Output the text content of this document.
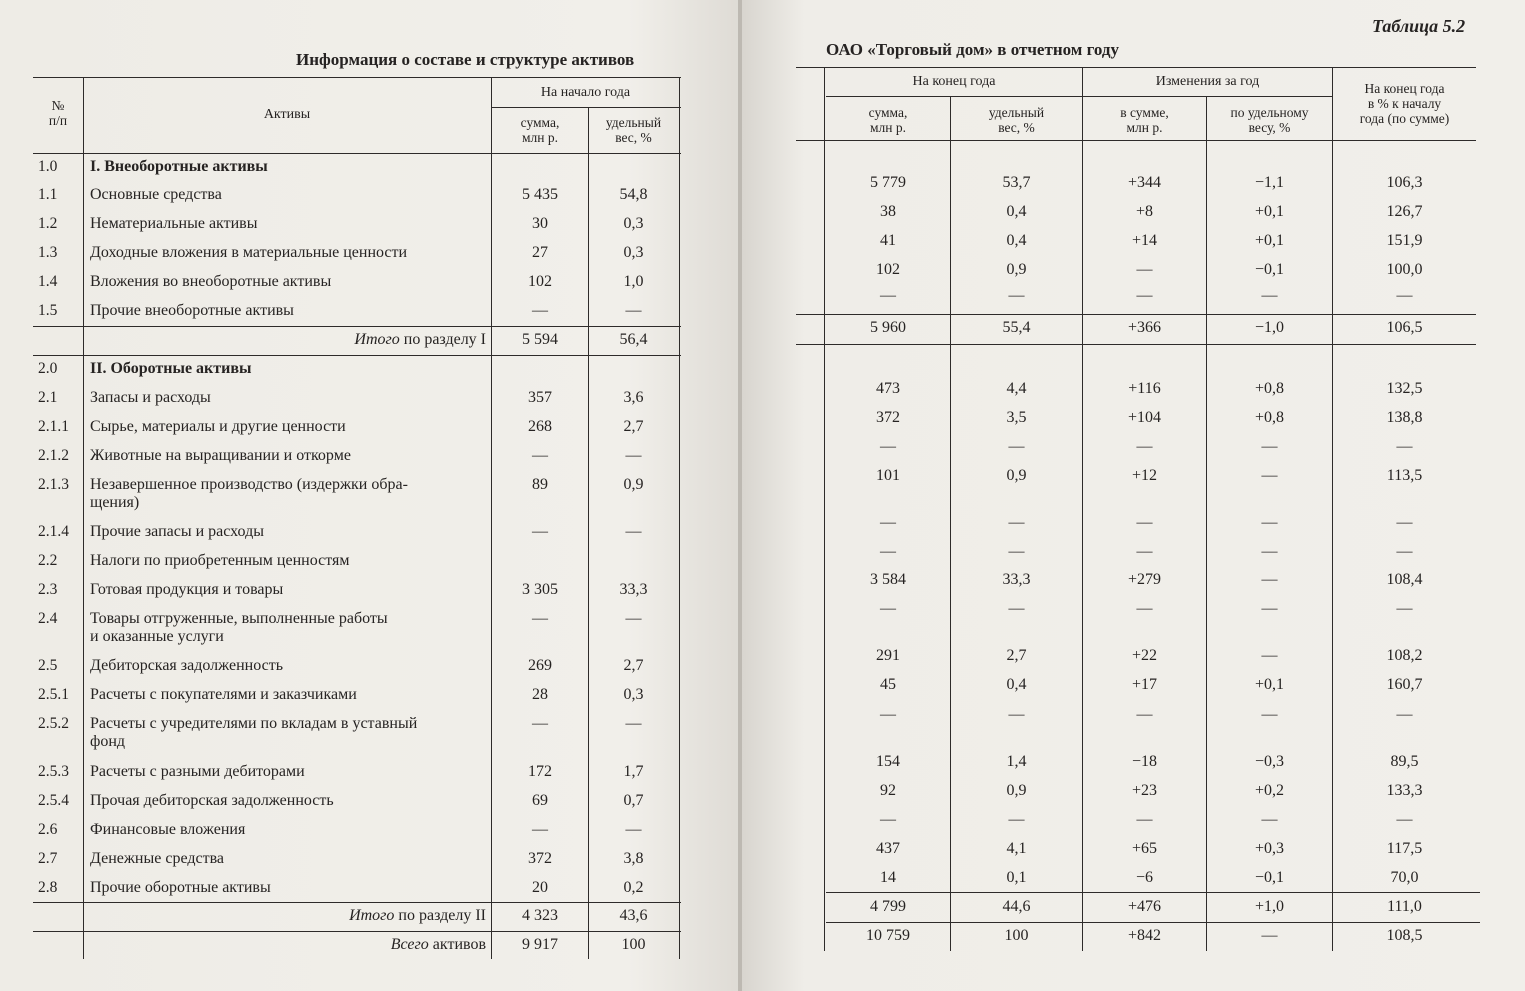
Информация о составе и структуре активов
ОАО «Торговый дом» в отчетном году
Таблица 5.2
№
п/п	Активы
На начало года
сумма,
млн р.
удельный
вес, %
На конец года	Изменения за год	На конец года
в % к началу
года (по сумме)
сумма,
млн р.
удельный
вес, %
в сумме,
млн р.
по удельному
весу, %
1.0 I. Внеоборотные активы
1.1 Основные средства	5 435	54,8
5 779	53,7	+344	−1,1	106,3
1.2 Нематериальные активы	30	0,3
38	0,4	+8	+0,1	126,7
1.3 Доходные вложения в материальные ценности	27	0,3
41	0,4	+14	+0,1	151,9
1.4 Вложения во внеоборотные активы	102	1,0
102	0,9	—	−0,1	100,0
1.5 Прочие внеоборотные активы	—	—
—	—	—	—	—
Итого по разделу I	5 594	56,4
5 960	55,4	+366	−1,0	106,5
2.0 II. Оборотные активы
2.1 Запасы и расходы	357	3,6
473	4,4	+116	+0,8	132,5
2.1.1 Сырье, материалы и другие ценности	268	2,7
372	3,5	+104	+0,8	138,8
2.1.2 Животные на выращивании и откорме	—	—
—	—	—	—	—
2.1.3 Незавершенное производство (издержки обра-
щения)
89	0,9
101	0,9	+12	—	113,5
2.1.4 Прочие запасы и расходы	—	—
—	—	—	—	—
2.2 Налоги по приобретенным ценностям
—	—	—	—	—
2.3 Готовая продукция и товары	3 305	33,3
3 584	33,3	+279	—	108,4
2.4 Товары отгруженные, выполненные работы
и оказанные услуги
—	—
—	—	—	—	—
2.5 Дебиторская задолженность	269	2,7
291	2,7	+22	—	108,2
2.5.1 Расчеты с покупателями и заказчиками	28	0,3
45	0,4	+17	+0,1	160,7
2.5.2 Расчеты с учредителями по вкладам в уставный
фонд
—	—
—	—	—	—	—
2.5.3 Расчеты с разными дебиторами	172	1,7
154	1,4	−18	−0,3	89,5
2.5.4 Прочая дебиторская задолженность	69	0,7
92	0,9	+23	+0,2	133,3
2.6 Финансовые вложения	—	—
—	—	—	—	—
2.7 Денежные средства	372	3,8
437	4,1	+65	+0,3	117,5
2.8 Прочие оборотные активы	20	0,2
14	0,1	−6	−0,1	70,0
Итого по разделу II	4 323	43,6
4 799	44,6	+476	+1,0	111,0
Всего активов	9 917	100
10 759	100	+842	—	108,5
